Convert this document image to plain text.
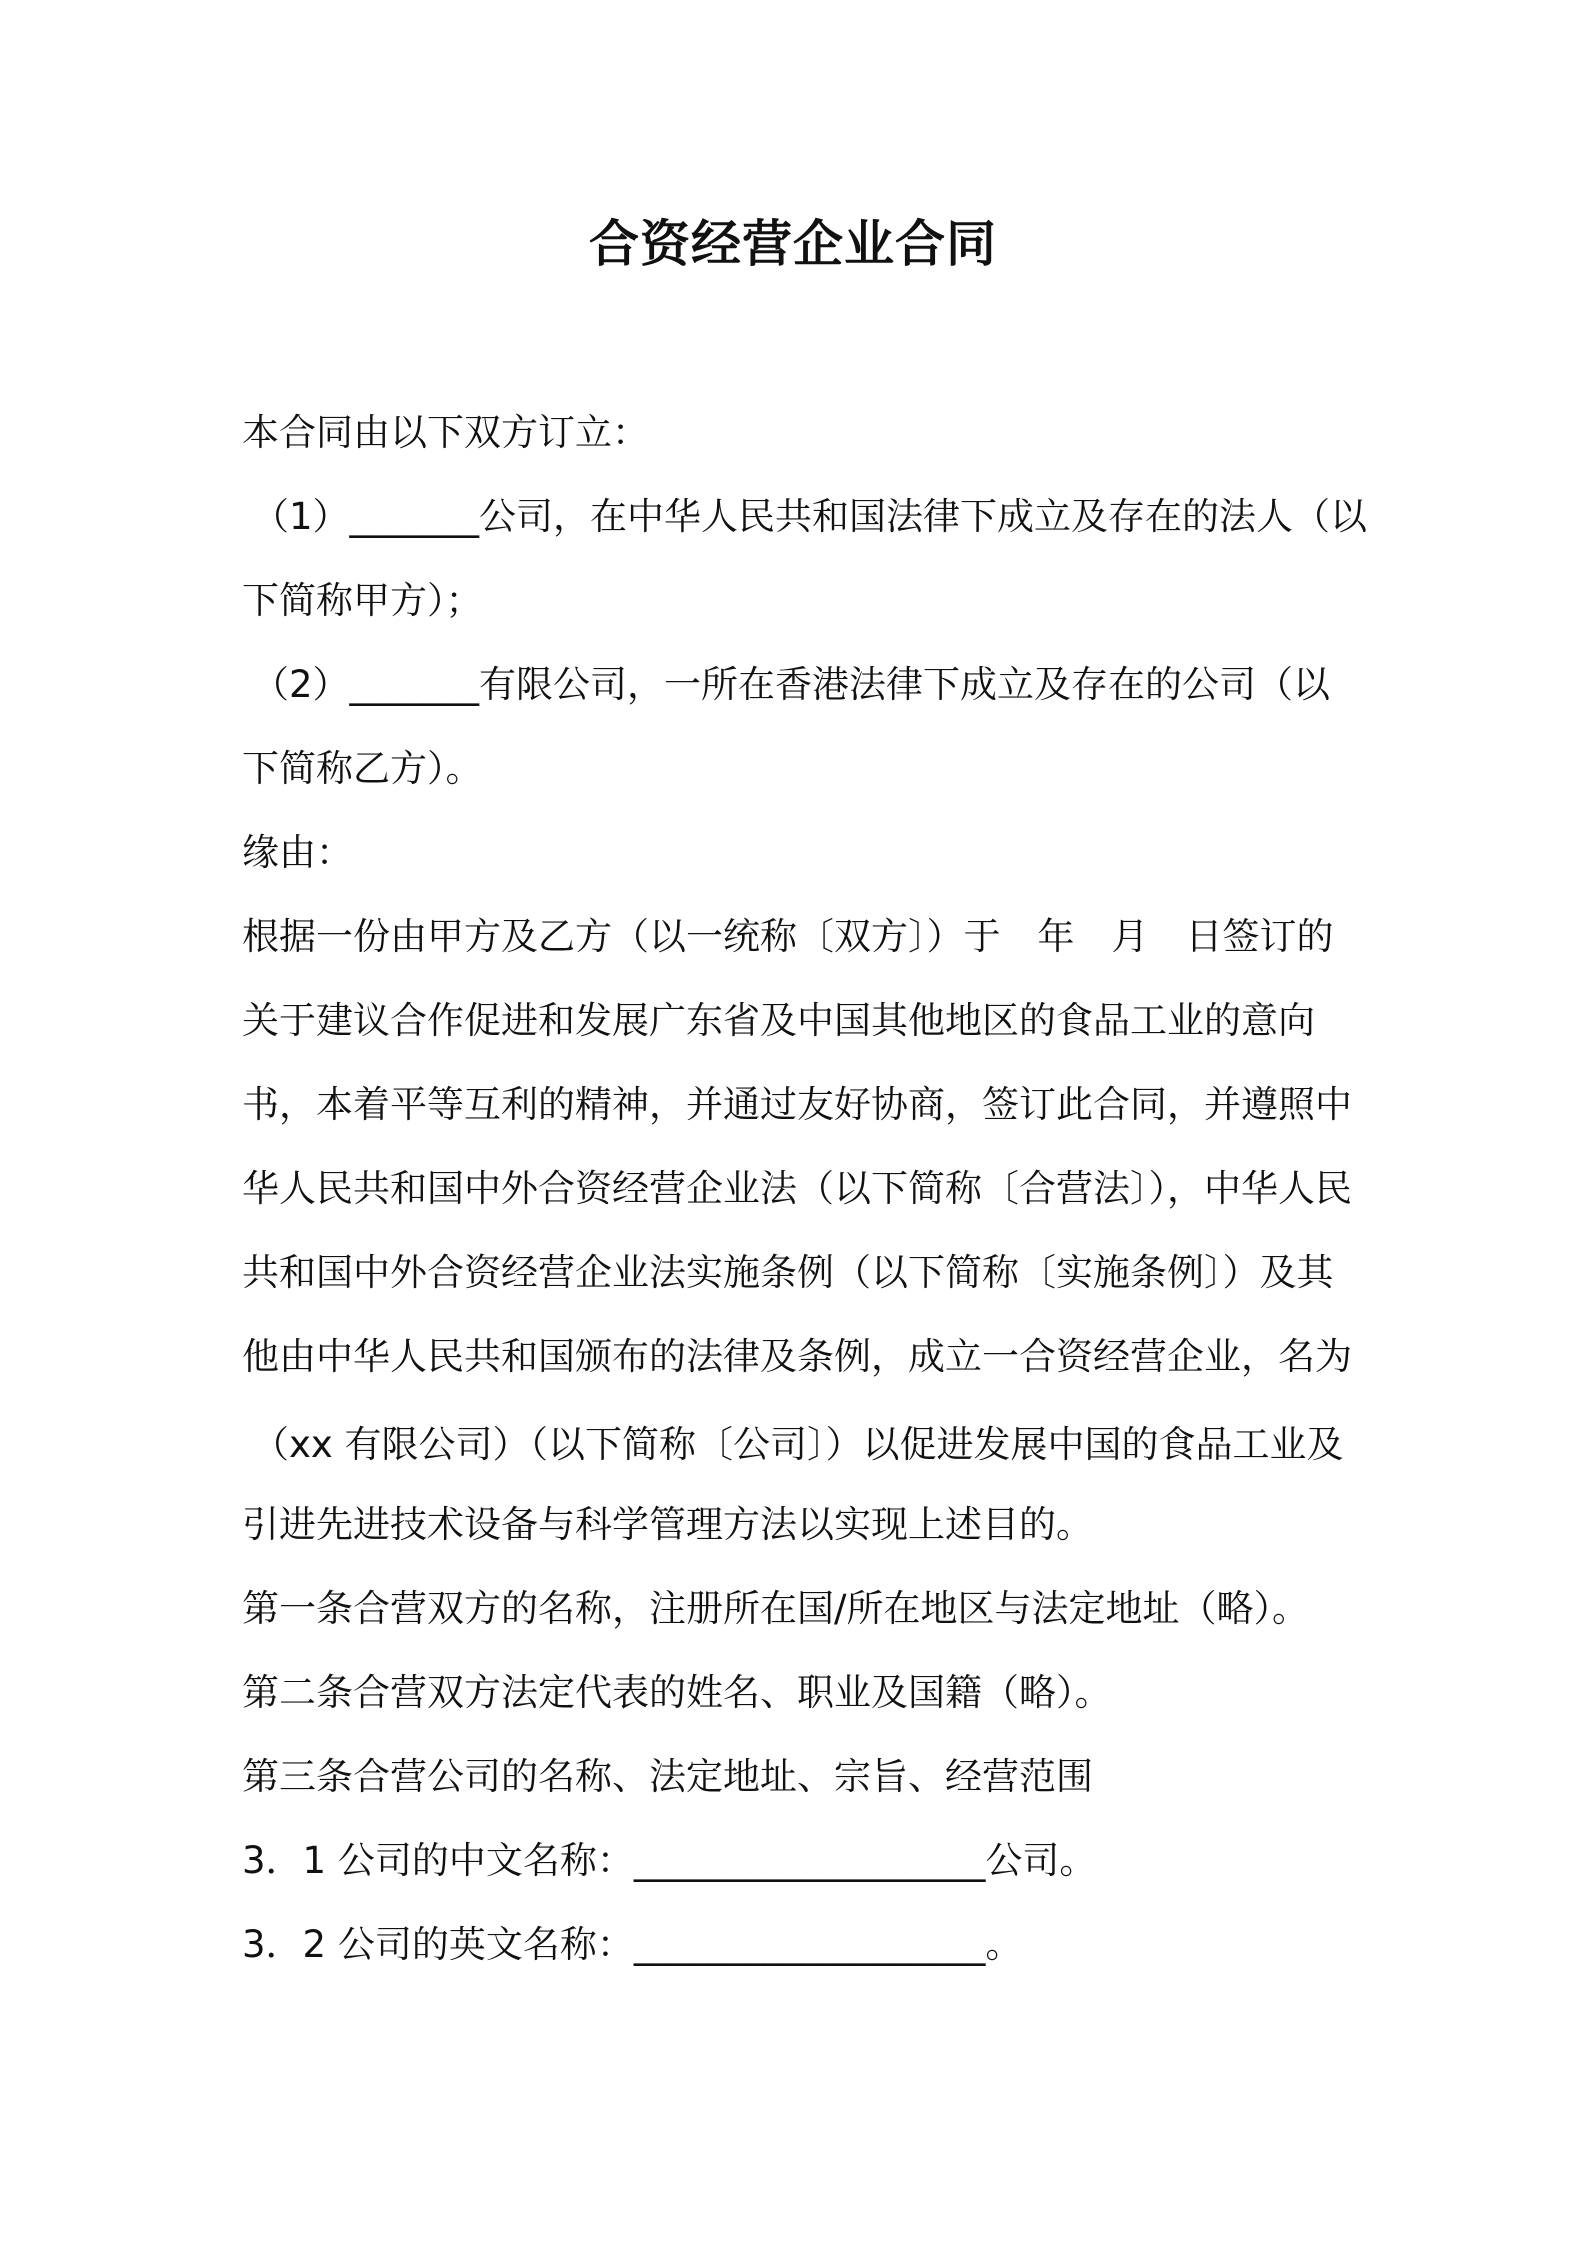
合资经营企业合同
本合同由以下双方订立：
（1）_______公司，在中华人民共和国法律下成立及存在的法人（以
下简称甲方）；
（2）_______有限公司，一所在香港法律下成立及存在的公司（以
下简称乙方）。
缘由：
根据一份由甲方及乙方（以一统称〔双方〕）于　年　月　日签订的
关于建议合作促进和发展广东省及中国其他地区的食品工业的意向
书，本着平等互利的精神，并通过友好协商，签订此合同，并遵照中
华人民共和国中外合资经营企业法（以下简称〔合营法〕），中华人民
共和国中外合资经营企业法实施条例（以下简称〔实施条例〕）及其
他由中华人民共和国颁布的法律及条例，成立一合资经营企业，名为
（xx 有限公司）（以下简称〔公司〕）以促进发展中国的食品工业及
引进先进技术设备与科学管理方法以实现上述目的。
第一条合营双方的名称，注册所在国/所在地区与法定地址（略）。
第二条合营双方法定代表的姓名、职业及国籍（略）。
第三条合营公司的名称、法定地址、宗旨、经营范围
3．1 公司的中文名称：___________________公司。
3．2 公司的英文名称：___________________。
